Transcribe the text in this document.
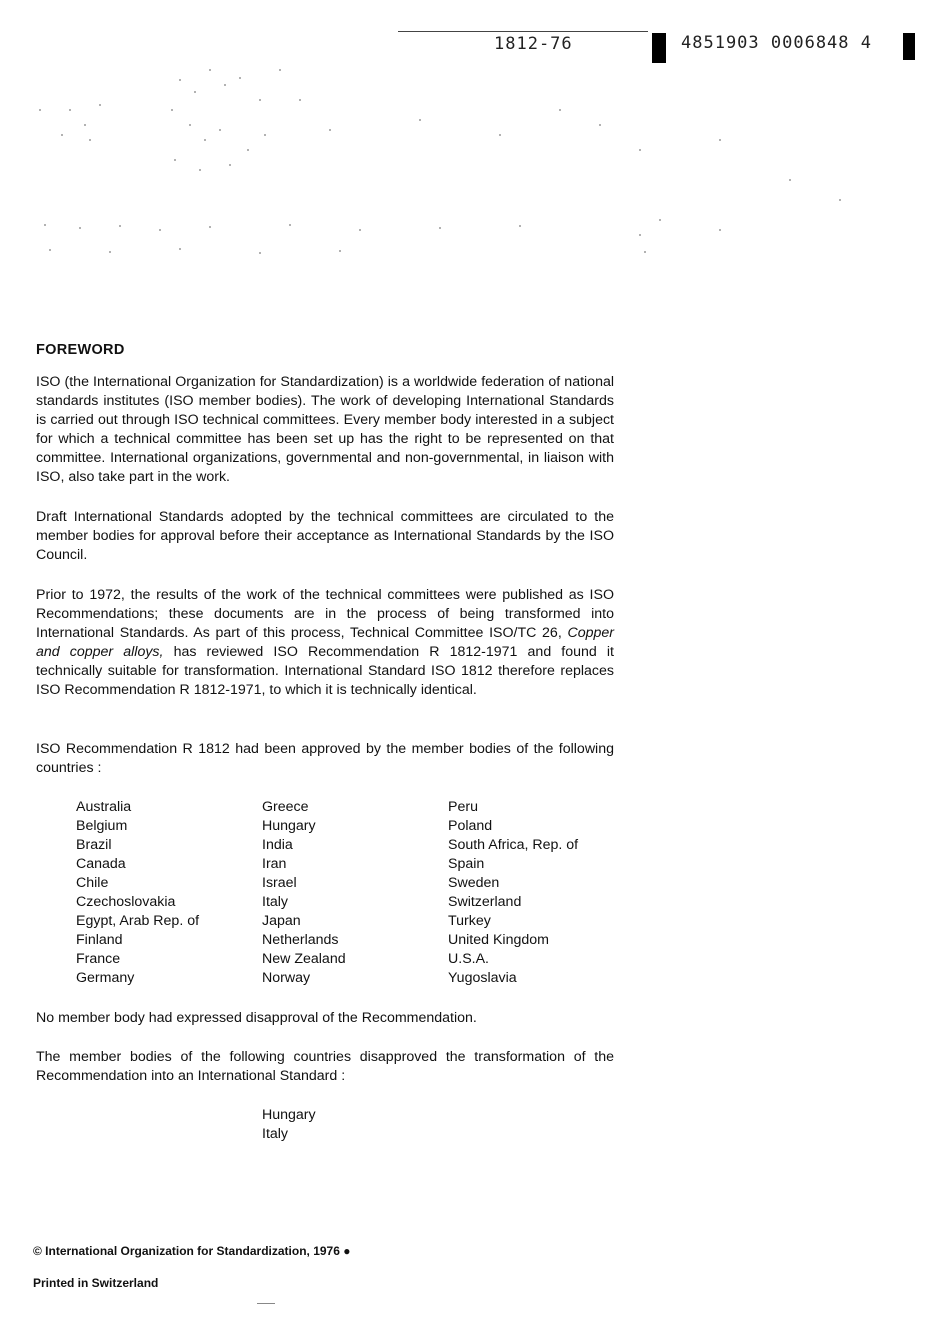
1812-76	4851903 0006848 4
FOREWORD

ISO (the International Organization for Standardization) is a worldwide federation of national standards institutes (ISO member bodies). The work of developing International Standards is carried out through ISO technical committees. Every member body interested in a subject for which a technical committee has been set up has the right to be represented on that committee. International organizations, governmental and non-governmental, in liaison with ISO, also take part in the work.

Draft International Standards adopted by the technical committees are circulated to the member bodies for approval before their acceptance as International Standards by the ISO Council.

Prior to 1972, the results of the work of the technical committees were published as ISO Recommendations; these documents are in the process of being transformed into International Standards. As part of this process, Technical Committee ISO/TC 26, Copper and copper alloys, has reviewed ISO Recommendation R 1812-1971 and found it technically suitable for transformation. International Standard ISO 1812 therefore replaces ISO Recommendation R 1812-1971, to which it is technically identical.

ISO Recommendation R 1812 had been approved by the member bodies of the following countries :

Australia	Greece	Peru
Belgium	Hungary	Poland
Brazil	India	South Africa, Rep. of
Canada	Iran	Spain
Chile	Israel	Sweden
Czechoslovakia	Italy	Switzerland
Egypt, Arab Rep. of	Japan	Turkey
Finland	Netherlands	United Kingdom
France	New Zealand	U.S.A.
Germany	Norway	Yugoslavia

No member body had expressed disapproval of the Recommendation.

The member bodies of the following countries disapproved the transformation of the Recommendation into an International Standard :

Hungary
Italy
© International Organization for Standardization, 1976 ●
Printed in Switzerland
